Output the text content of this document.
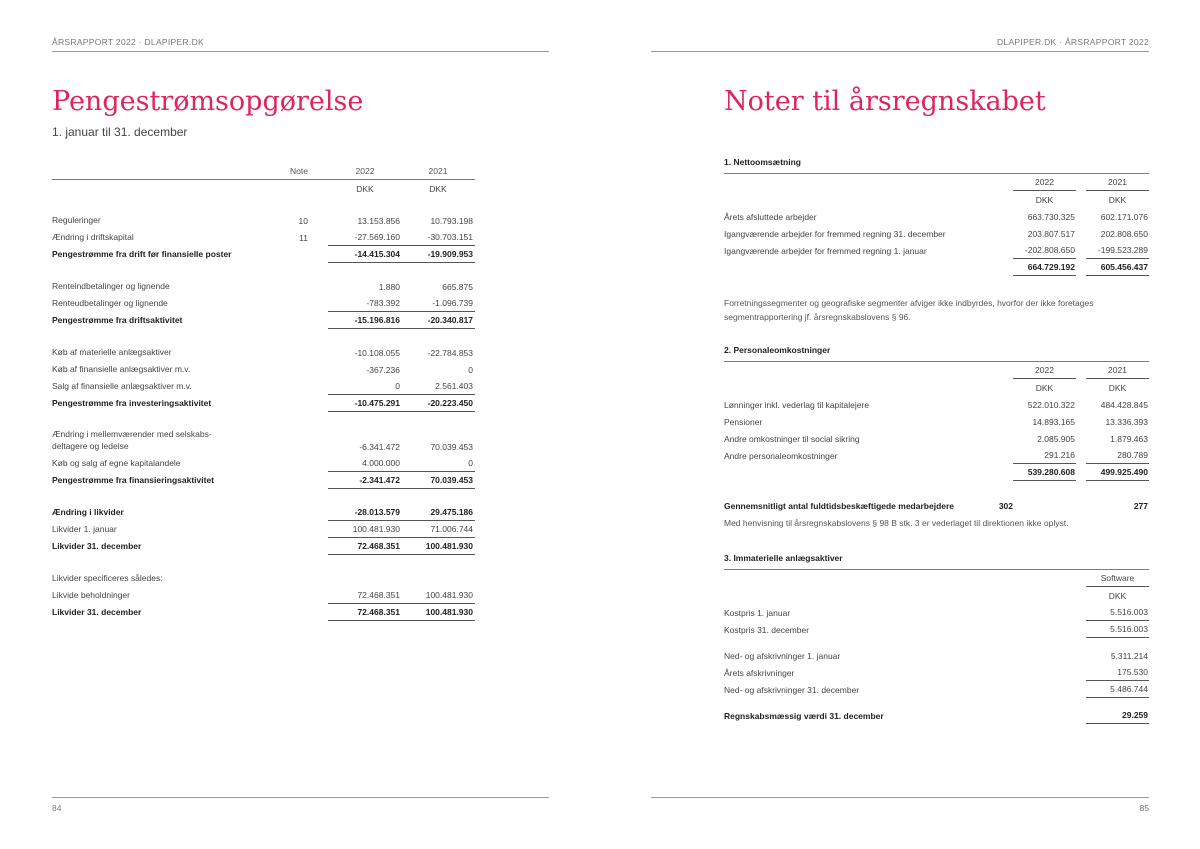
ÅRSRAPPORT 2022 · DLAPIPER.DK
Pengestrømsopgørelse
1. januar til 31. december
Note	2022	2021
DKK	DKK
Reguleringer	10	13.153.856	10.793.198
Ændring i driftskapital	11	-27.569.160	-30.703.151
Pengestrømme fra drift før finansielle poster	-14.415.304	-19.909.953
Renteindbetalinger og lignende	1.880	665.875
Renteudbetalinger og lignende	-783.392	-1.096.739
Pengestrømme fra driftsaktivitet	-15.196.816	-20.340.817
Køb af materielle anlægsaktiver	-10.108.055	-22.784.853
Køb af finansielle anlægsaktiver m.v.	-367.236	0
Salg af finansielle anlægsaktiver m.v.	0	2.561.403
Pengestrømme fra investeringsaktivitet	-10.475.291	-20.223.450
Ændring i mellemværender med selskabs-
deltagere og ledelse	-6.341.472	70.039.453
Køb og salg af egne kapitalandele	4.000.000	0
Pengestrømme fra finansieringsaktivitet	-2.341.472	70.039.453
Ændring i likvider	-28.013.579	29.475.186
Likvider 1. januar	100.481.930	71.006.744
Likvider 31. december	72.468.351	100.481.930
Likvider specificeres således:
Likvide beholdninger	72.468.351	100.481.930
Likvider 31. december	72.468.351	100.481.930
84
DLAPIPER.DK · ÅRSRAPPORT 2022
Noter til årsregnskabet
1. Nettoomsætning
2022	2021
DKK	DKK
Årets afsluttede arbejder	663.730.325	602.171.076
Igangværende arbejder for fremmed regning 31. december	203.807.517	202.808.650
Igangværende arbejder for fremmed regning 1. januar	-202.808.650	-199.523.289
664.729.192	605.456.437
Forretningssegmenter og geografiske segmenter afviger ikke indbyrdes, hvorfor der ikke foretages segmentrapportering jf. årsregnskabslovens § 96.
2. Personaleomkostninger
2022	2021
DKK	DKK
Lønninger inkl. vederlag til kapitalejere	522.010.322	484.428.845
Pensioner	14.893.165	13.336.393
Andre omkostninger til social sikring	2.085.905	1.879.463
Andre personaleomkostninger	291.216	280.789
539.280.608	499.925.490
Gennemsnitligt antal fuldtidsbeskæftigede medarbejdere	302	277
Med henvisning til årsregnskabslovens § 98 B stk. 3 er vederlaget til direktionen ikke oplyst.
3. Immaterielle anlægsaktiver
Software
DKK
Kostpris 1. januar	5.516.003
Kostpris 31. december	5.516.003
Ned- og afskrivninger 1. januar	5.311.214
Årets afskrivninger	175.530
Ned- og afskrivninger 31. december	5.486.744
Regnskabsmæssig værdi 31. december	29.259
85
